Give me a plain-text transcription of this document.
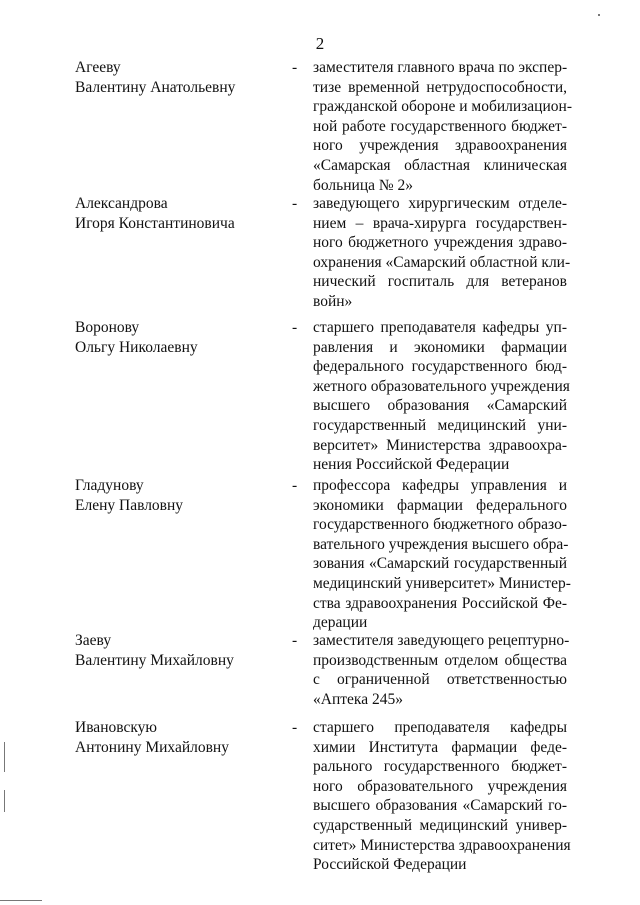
2
Агееву
Валентину Анатольевну
- заместителя главного врача по экспер-
тизе временной нетрудоспособности,
гражданской обороне и мобилизацион-
ной работе государственного бюджет-
ного учреждения здравоохранения
«Самарская областная клиническая
больница № 2»
Александрова
Игоря Константиновича
- заведующего хирургическим отделе-
нием – врача-хирурга государствен-
ного бюджетного учреждения здраво-
охранения «Самарский областной кли-
нический госпиталь для ветеранов
войн»
Воронову
Ольгу Николаевну
- старшего преподавателя кафедры уп-
равления и экономики фармации
федерального государственного бюд-
жетного образовательного учреждения
высшего образования «Самарский
государственный медицинский уни-
верситет» Министерства здравоохра-
нения Российской Федерации
Гладунову
Елену Павловну
- профессора кафедры управления и
экономики фармации федерального
государственного бюджетного образо-
вательного учреждения высшего обра-
зования «Самарский государственный
медицинский университет» Министер-
ства здравоохранения Российской Фе-
дерации
Заеву
Валентину Михайловну
- заместителя заведующего рецептурно-
производственным отделом общества
с ограниченной ответственностью
«Аптека 245»
Ивановскую
Антонину Михайловну
- старшего преподавателя кафедры
химии Института фармации феде-
рального государственного бюджет-
ного образовательного учреждения
высшего образования «Самарский го-
сударственный медицинский универ-
ситет» Министерства здравоохранения
Российской Федерации
